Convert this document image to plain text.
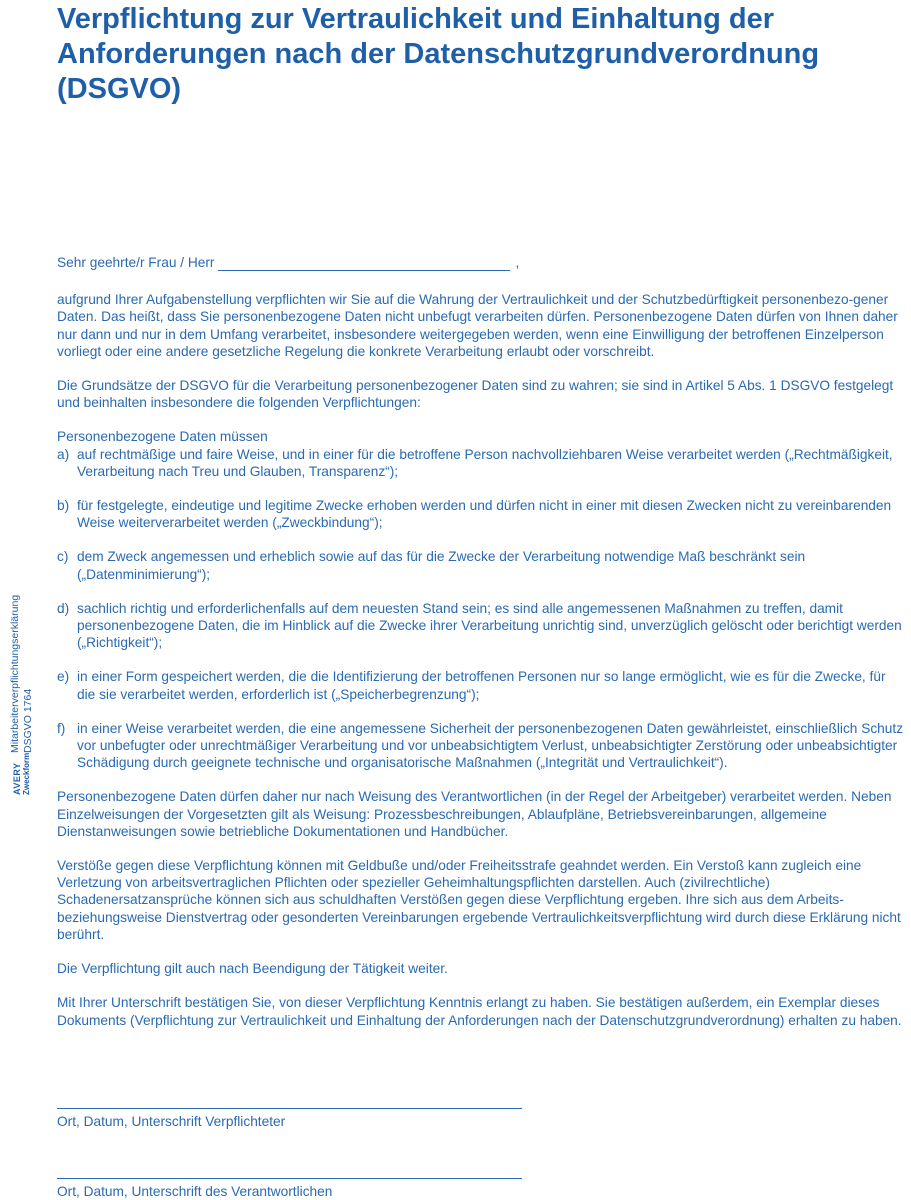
Verpflichtung zur Vertraulichkeit und Einhaltung der Anforderungen nach der Datenschutzgrundverordnung (DSGVO)
Sehr geehrte/r Frau / Herr	,

aufgrund Ihrer Aufgabenstellung verpflichten wir Sie auf die Wahrung der Vertraulichkeit und der Schutzbedürftigkeit personenbezo-gener Daten. Das heißt, dass Sie personenbezogene Daten nicht unbefugt verarbeiten dürfen. Personenbezogene Daten dürfen von Ihnen daher nur dann und nur in dem Umfang verarbeitet, insbesondere weitergegeben werden, wenn eine Einwilligung der betroffenen Einzelperson vorliegt oder eine andere gesetzliche Regelung die konkrete Verarbeitung erlaubt oder vorschreibt.

Die Grundsätze der DSGVO für die Verarbeitung personenbezogener Daten sind zu wahren; sie sind in Artikel 5 Abs. 1 DSGVO festgelegt und beinhalten insbesondere die folgenden Verpflichtungen:

Personenbezogene Daten müssen

a) auf rechtmäßige und faire Weise, und in einer für die betroffene Person nachvollziehbaren Weise verarbeitet werden („Rechtmäßigkeit, Verarbeitung nach Treu und Glauben, Transparenz“);
b) für festgelegte, eindeutige und legitime Zwecke erhoben werden und dürfen nicht in einer mit diesen Zwecken nicht zu vereinbarenden Weise weiterverarbeitet werden („Zweckbindung“);
c) dem Zweck angemessen und erheblich sowie auf das für die Zwecke der Verarbeitung notwendige Maß beschränkt sein („Datenminimierung“);
d) sachlich richtig und erforderlichenfalls auf dem neuesten Stand sein; es sind alle angemessenen Maßnahmen zu treffen, damit personenbezogene Daten, die im Hinblick auf die Zwecke ihrer Verarbeitung unrichtig sind, unverzüglich gelöscht oder berichtigt werden („Richtigkeit“);
e) in einer Form gespeichert werden, die die Identifizierung der betroffenen Personen nur so lange ermöglicht, wie es für die Zwecke, für die sie verarbeitet werden, erforderlich ist („Speicherbegrenzung“);
f) in einer Weise verarbeitet werden, die eine angemessene Sicherheit der personenbezogenen Daten gewährleistet, einschließlich Schutz vor unbefugter oder unrechtmäßiger Verarbeitung und vor unbeabsichtigtem Verlust, unbeabsichtigter Zerstörung oder unbeabsichtigter Schädigung durch geeignete technische und organisatorische Maßnahmen („Integrität und Vertraulichkeit“).

Personenbezogene Daten dürfen daher nur nach Weisung des Verantwortlichen (in der Regel der Arbeitgeber) verarbeitet werden. Neben Einzelweisungen der Vorgesetzten gilt als Weisung: Prozessbeschreibungen, Ablaufpläne, Betriebsvereinbarungen, allgemeine Dienstanweisungen sowie betriebliche Dokumentationen und Handbücher.

Verstöße gegen diese Verpflichtung können mit Geldbuße und/oder Freiheitsstrafe geahndet werden. Ein Verstoß kann zugleich eine Verletzung von arbeitsvertraglichen Pflichten oder spezieller Geheimhaltungspflichten darstellen. Auch (zivilrechtliche) Schadenersatzansprüche können sich aus schuldhaften Verstößen gegen diese Verpflichtung ergeben. Ihre sich aus dem Arbeits- beziehungsweise Dienstvertrag oder gesonderten Vereinbarungen ergebende Vertraulichkeitsverpflichtung wird durch diese Erklärung nicht berührt.

Die Verpflichtung gilt auch nach Beendigung der Tätigkeit weiter.

Mit Ihrer Unterschrift bestätigen Sie, von dieser Verpflichtung Kenntnis erlangt zu haben. Sie bestätigen außerdem, ein Exemplar dieses Dokuments (Verpflichtung zur Vertraulichkeit und Einhaltung der Anforderungen nach der Datenschutzgrundverordnung) erhalten zu haben.

Ort, Datum, Unterschrift Verpflichteter
Ort, Datum, Unterschrift des Verantwortlichen
AVERY Zweckform
Mitarbeiterverpflichtungserklärung DSGVO 1764
